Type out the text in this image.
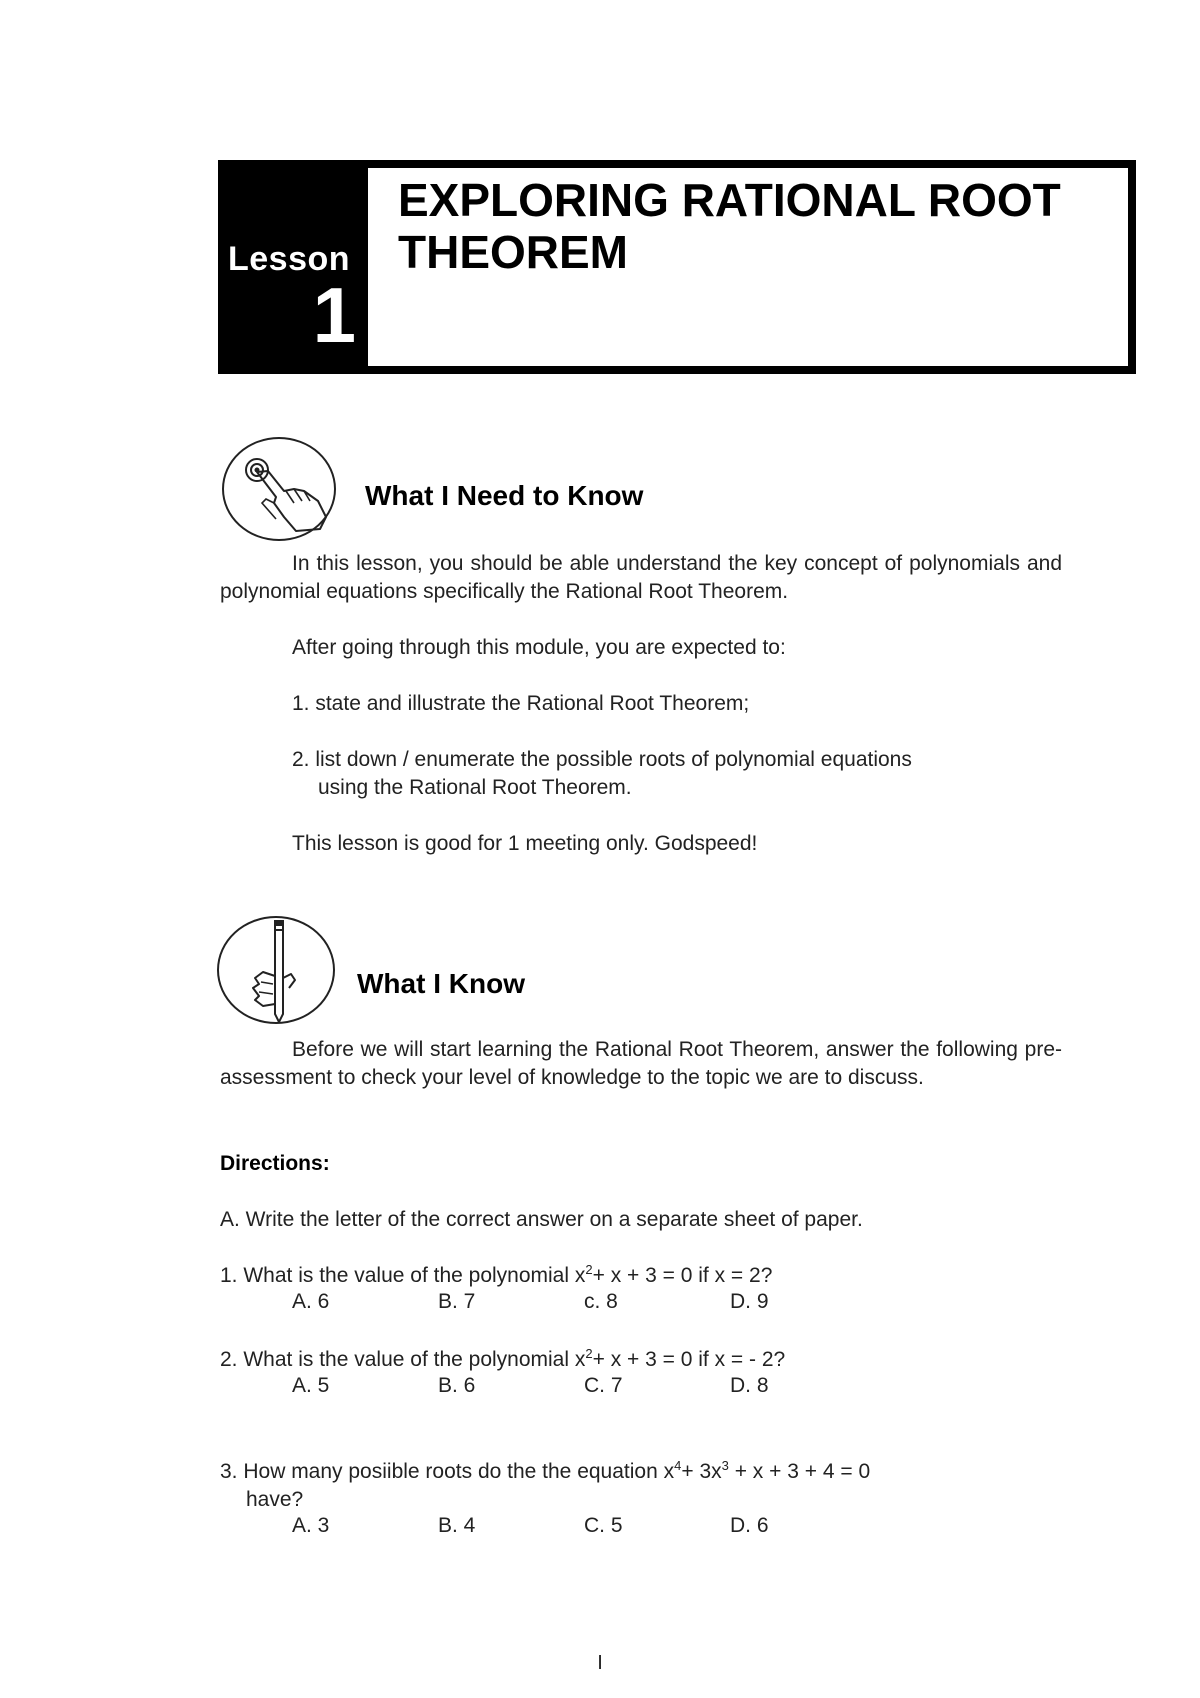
Lesson
1
EXPLORING RATIONAL ROOT
THEOREM
What I Need to Know
In this lesson, you should be able understand the key concept of polynomials and polynomial equations specifically the Rational Root Theorem.
After going through this module, you are expected to:
1. state and illustrate the Rational Root Theorem;
2. list down / enumerate the possible roots of polynomial equations
using the Rational Root Theorem.
This lesson is good for 1 meeting only. Godspeed!
What I Know
Before we will start learning the Rational Root Theorem, answer the following pre- assessment to check your level of knowledge to the topic we are to discuss.
Directions:
A. Write the letter of the correct answer on a separate sheet of paper.
1. What is the value of the polynomial $x^2+ x + 3 = 0$ if x = 2?
A. 6	B. 7	c. 8	D. 9
2. What is the value of the polynomial $x^2+ x + 3 = 0$ if x = - 2?
A. 5	B. 6	C. 7	D. 8
3. How many posiible roots do the the equation $x^4+ 3x^3 + x + 3 + 4 = 0$
have?
A. 3	B. 4	C. 5	D. 6
I
